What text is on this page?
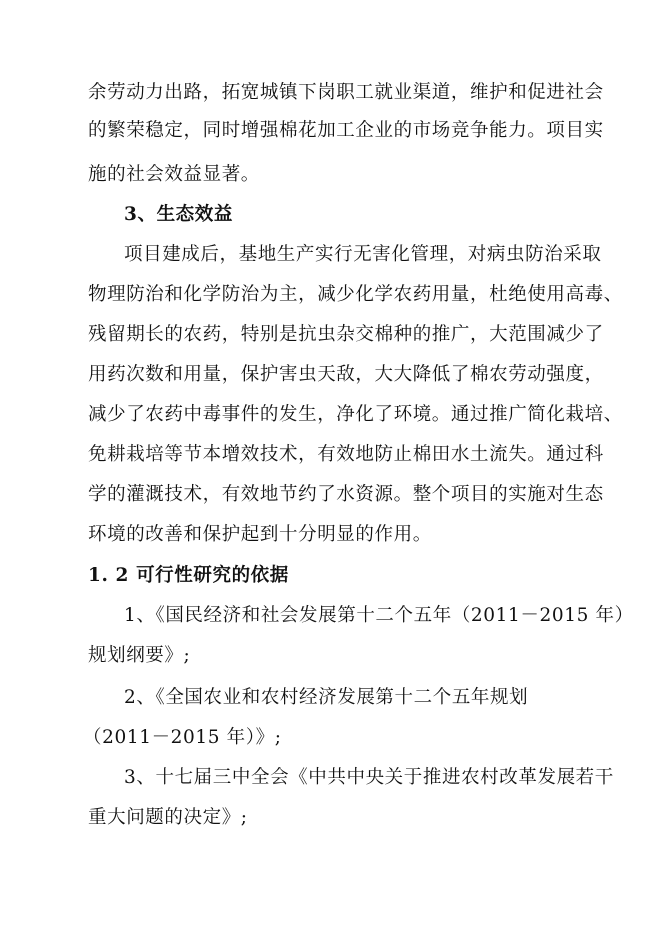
余劳动力出路，拓宽城镇下岗职工就业渠道，维护和促进社会
的繁荣稳定，同时增强棉花加工企业的市场竞争能力。项目实
施的社会效益显著。
3、生态效益
项目建成后，基地生产实行无害化管理，对病虫防治采取
物理防治和化学防治为主，减少化学农药用量，杜绝使用高毒、
残留期长的农药，特别是抗虫杂交棉种的推广，大范围减少了
用药次数和用量，保护害虫天敌，大大降低了棉农劳动强度，
减少了农药中毒事件的发生，净化了环境。通过推广简化栽培、
免耕栽培等节本增效技术，有效地防止棉田水土流失。通过科
学的灌溉技术，有效地节约了水资源。整个项目的实施对生态
环境的改善和保护起到十分明显的作用。
1. 2 可行性研究的依据
1、《国民经济和社会发展第十二个五年（2011－2015 年）
规划纲要》;
2、《全国农业和农村经济发展第十二个五年规划
（2011－2015 年）》;
3、十七届三中全会《中共中央关于推进农村改革发展若干
重大问题的决定》;
